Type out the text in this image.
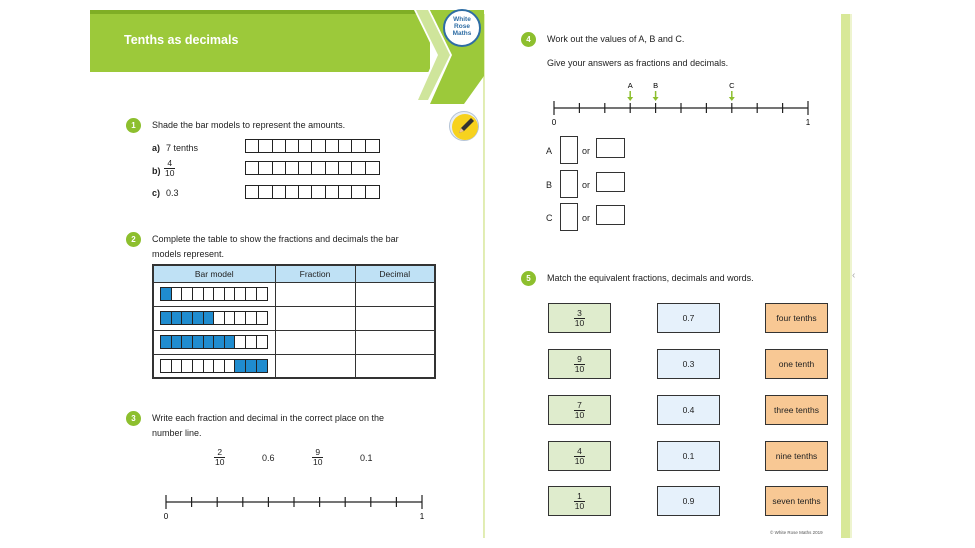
Tenths as decimals
White
Rose
Maths
1	Shade the bar models to represent the amounts.
a) 7 tenths
$b) \frac{4}{10}$
c) 0.3
2	Complete the table to show the fractions and decimals the bar
models represent.
Bar model	Fraction	Decimal

3	Write each fraction and decimal in the correct place on the
number line.
$\frac{2}{10}$	0.6	$\frac{9}{10}$	0.1
0	1
4	Work out the values of A, B and C.
Give your answers as fractions and decimals.
0	1
A	B	C
A	or
B	or
C	or
5	Match the equivalent fractions, decimals and words.
$\frac{3}{10}$	0.7	four tenths
$\frac{9}{10}$	0.3	one tenth
$\frac{7}{10}$	0.4	three tenths
$\frac{4}{10}$	0.1	nine tenths
$\frac{1}{10}$	0.9	seven tenths
© White Rose Maths 2019
‹
